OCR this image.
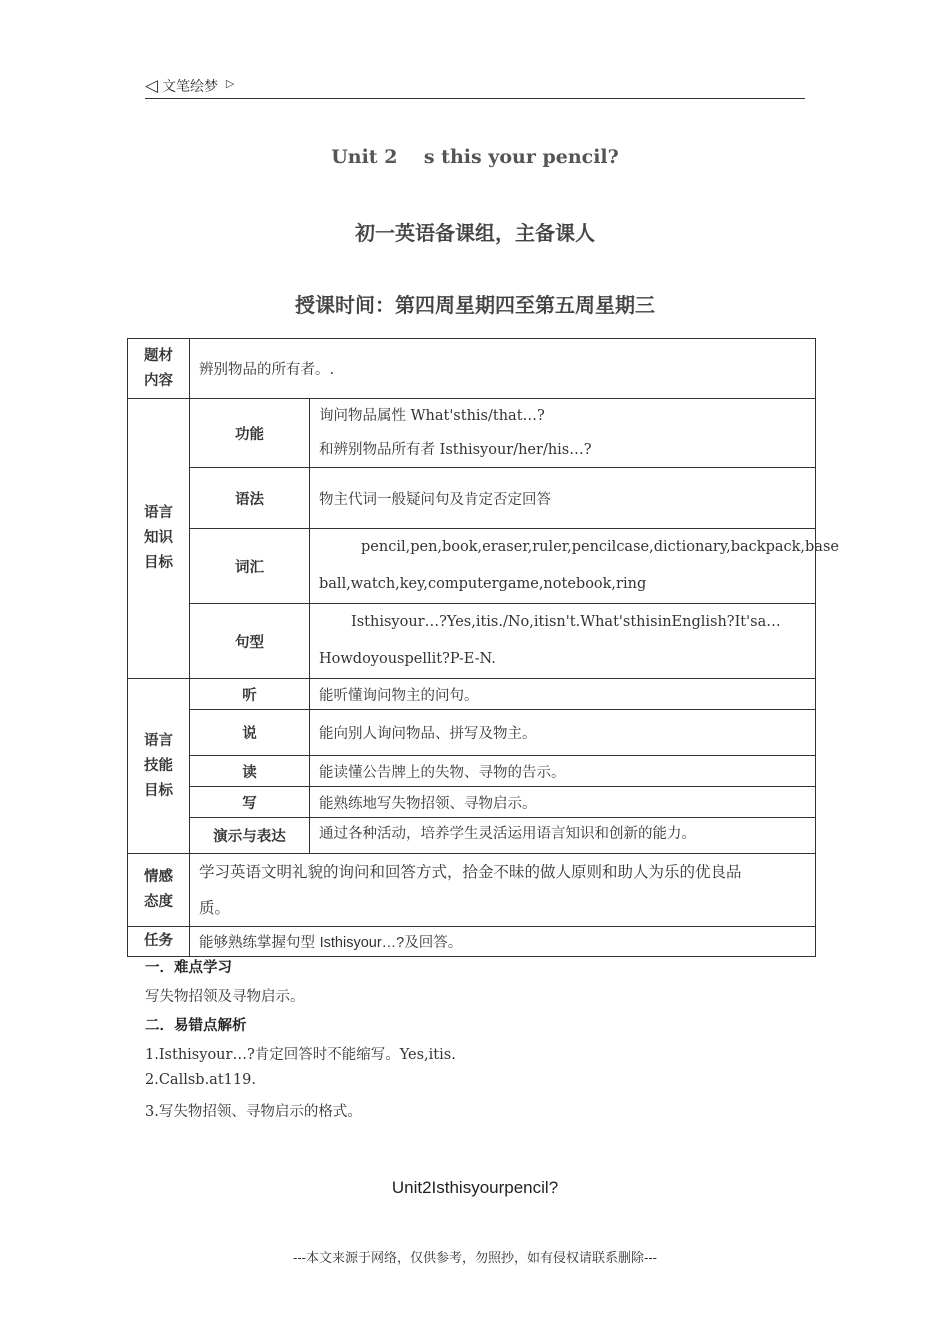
◁ 文笔绘梦 ▷
Unit 2    s this your pencil?
初一英语备课组，主备课人
授课时间：第四周星期四至第五周星期三
题材
内容	辨别物品的所有者。.	
语言
知识
目标	功能	询问物品属性 What'sthis/that…?
和辨别物品所有者 Isthisyour/her/his…?

	语法	物主代词一般疑问句及肯定否定回答
	词汇	pencil,pen,book,eraser,ruler,pencilcase,dictionary,backpack,base
ball,watch,key,computergame,notebook,ring

	句型	Isthisyour…?Yes,itis./No,itisn't.What'sthisinEnglish?It'sa…
Howdoyouspellit?P-E-N.

语言
技能
目标	听	能听懂询问物主的问句。
	说	能向别人询问物品、拼写及物主。
	读	能读懂公告牌上的失物、寻物的告示。
	写	能熟练地写失物招领、寻物启示。
	演示与表达	通过各种活动，培养学生灵活运用语言知识和创新的能力。
情感
态度	学习英语文明礼貌的询问和回答方式，拾金不昧的做人原则和助人为乐的优良品
质。	

任务	能够熟练掌握句型 Isthisyour…?及回答。	
一．难点学习
写失物招领及寻物启示。
二．易错点解析
1.Isthisyour…?肯定回答时不能缩写。Yes,itis.
2.Callsb.at119.
3.写失物招领、寻物启示的格式。
Unit2Isthisyourpencil?
---本文来源于网络，仅供参考，勿照抄，如有侵权请联系删除---
